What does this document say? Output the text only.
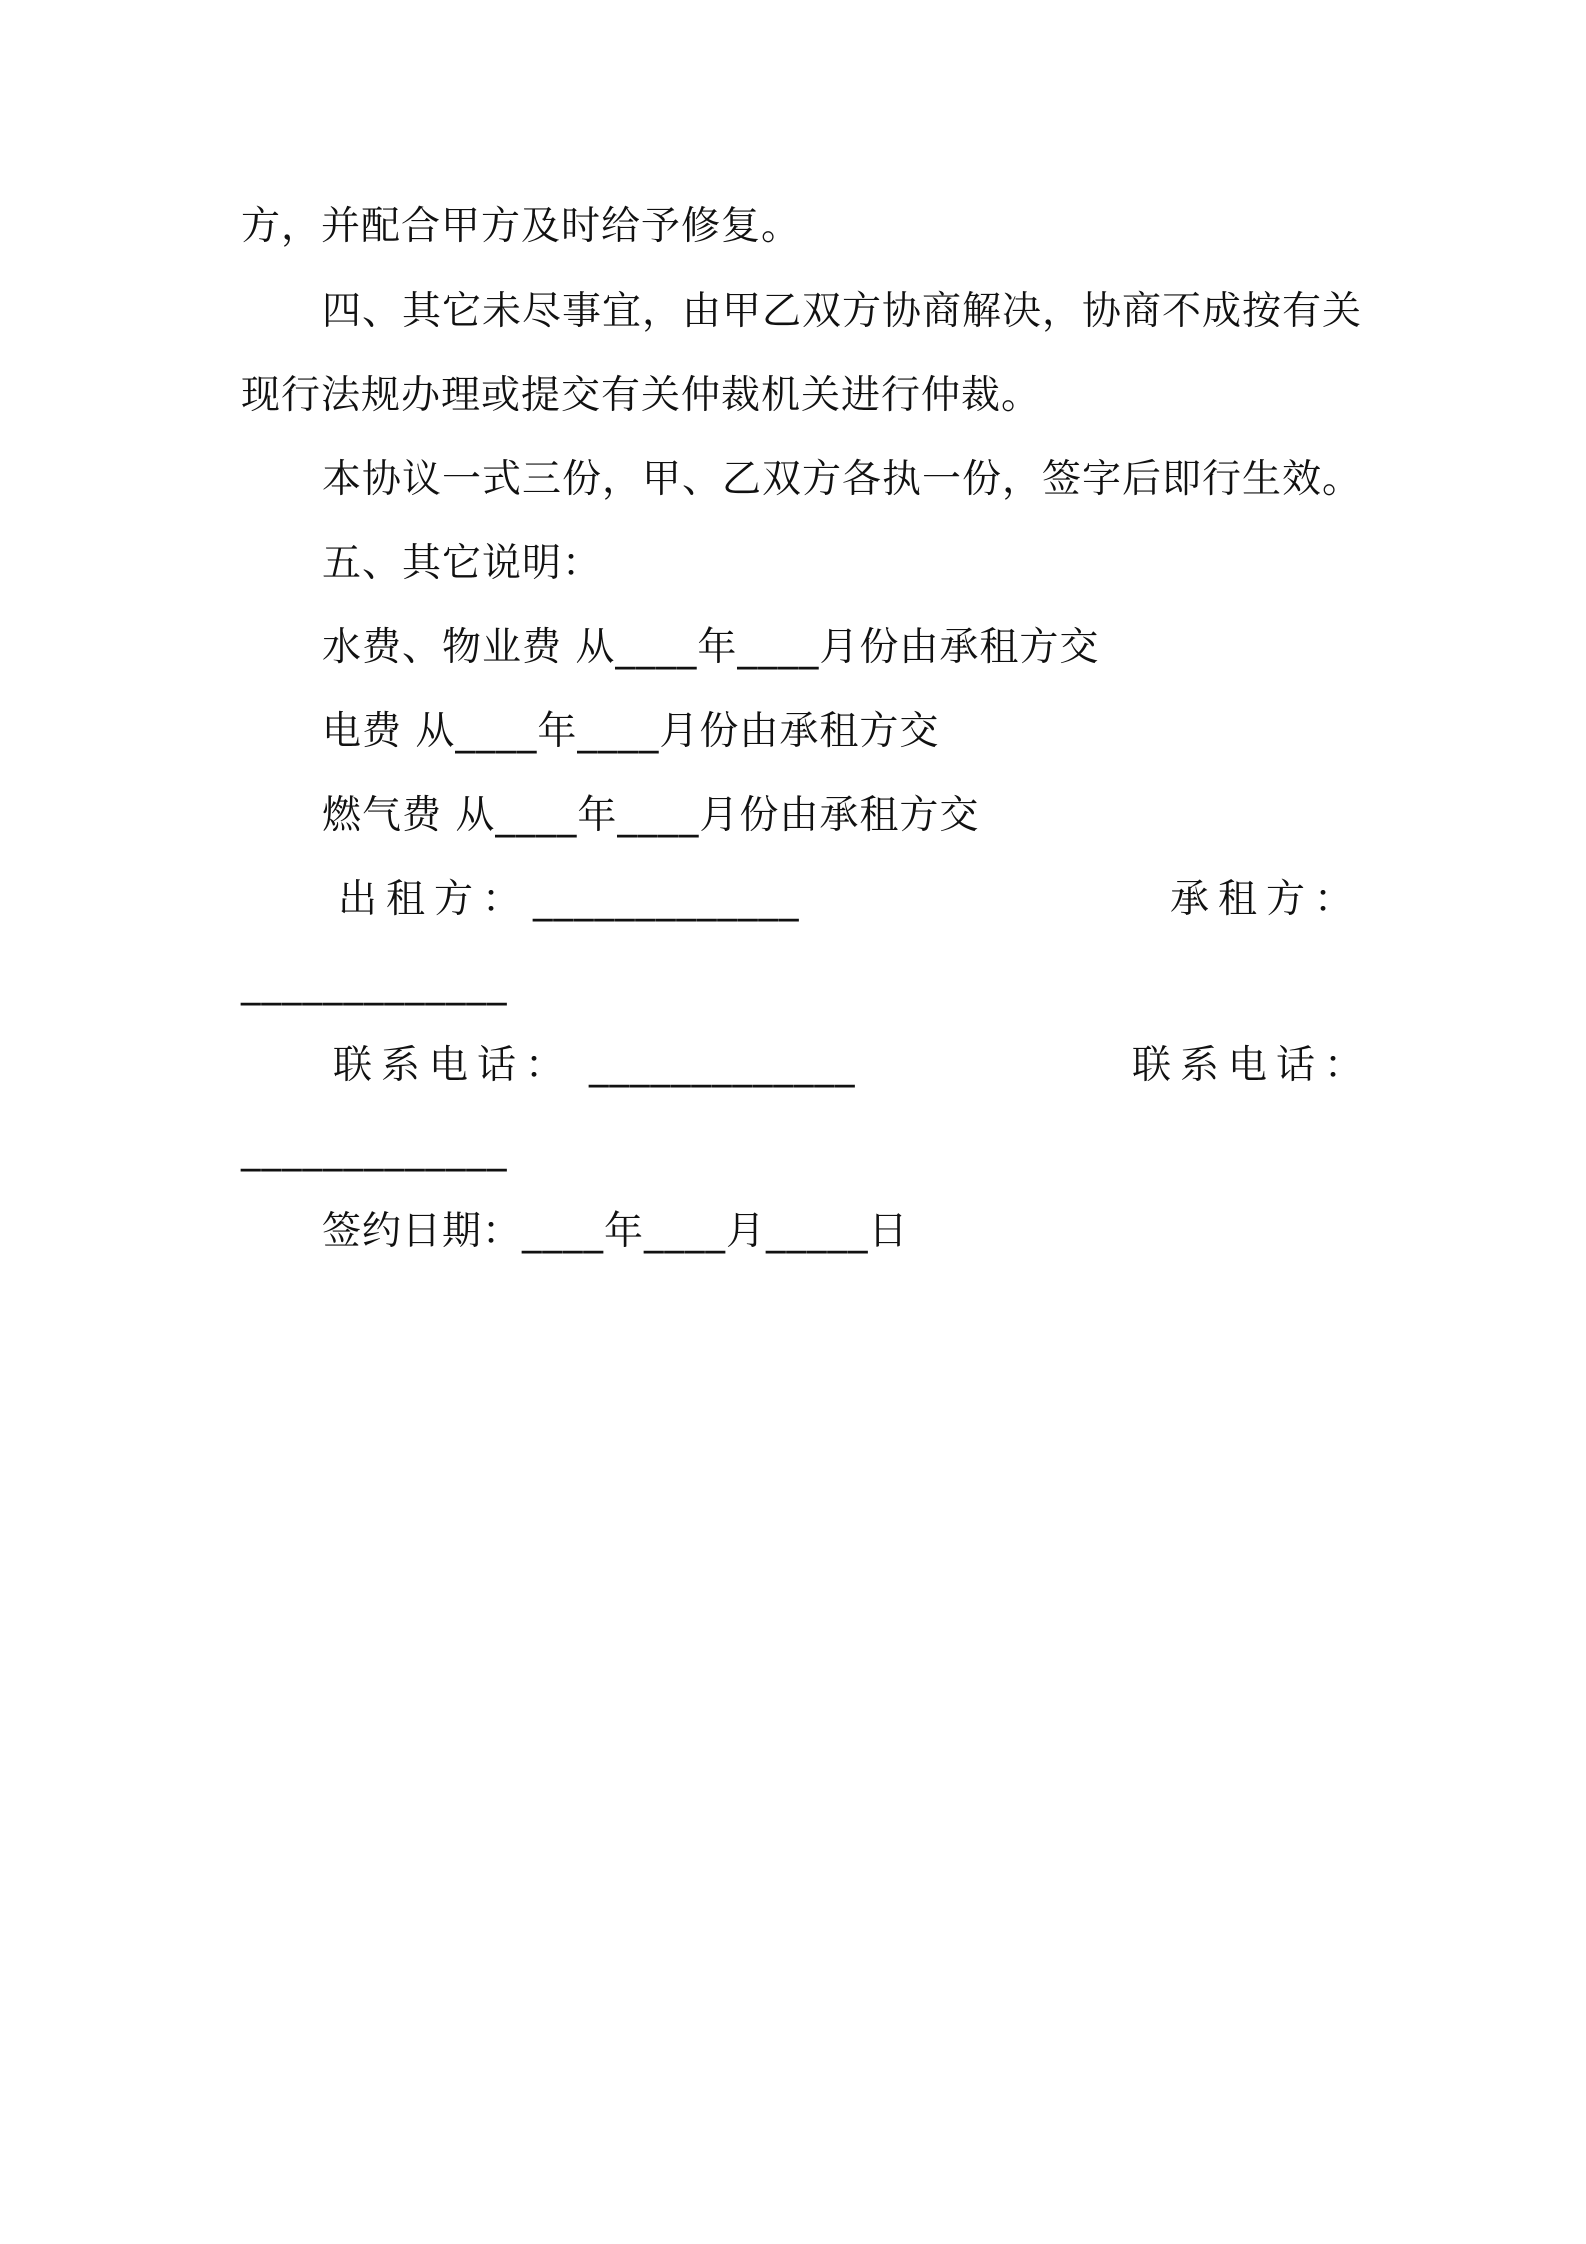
方，并配合甲方及时给予修复。
四、其它未尽事宜，由甲乙双方协商解决，协商不成按有关
现行法规办理或提交有关仲裁机关进行仲裁。
本协议一式三份，甲、乙双方各执一份，签字后即行生效。
五、其它说明：
水费、物业费 从____年____月份由承租方交
电费 从____年____月份由承租方交
燃气费 从____年____月份由承租方交
出租方： _____________	承租方：
_____________
联系电话： _____________	联系电话：
_____________
签约日期：____年____月_____日
